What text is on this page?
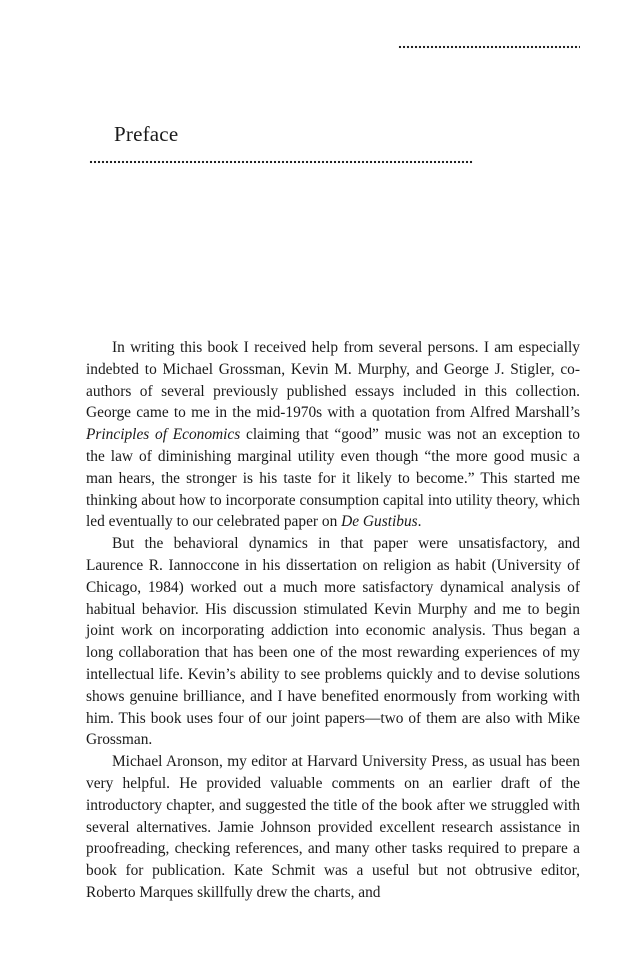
Preface

In writing this book I received help from several persons. I am especially indebted to Michael Grossman, Kevin M. Murphy, and George J. Stigler, co-authors of several previously published essays included in this collection. George came to me in the mid-1970s with a quotation from Alfred Marshall’s Principles of Economics claiming that “good” music was not an exception to the law of diminishing marginal utility even though “the more good music a man hears, the stronger is his taste for it likely to become.” This started me thinking about how to incorporate consumption capital into utility theory, which led eventually to our celebrated paper on De Gustibus.

But the behavioral dynamics in that paper were unsatisfactory, and Laurence R. Iannoccone in his dissertation on religion as habit (University of Chicago, 1984) worked out a much more satisfactory dynamical analysis of habitual behavior. His discussion stimulated Kevin Murphy and me to begin joint work on incorporating addiction into economic analysis. Thus began a long collaboration that has been one of the most rewarding experiences of my intellectual life. Kevin’s ability to see problems quickly and to devise solutions shows genuine brilliance, and I have benefited enormously from working with him. This book uses four of our joint papers—two of them are also with Mike Grossman.

Michael Aronson, my editor at Harvard University Press, as usual has been very helpful. He provided valuable comments on an earlier draft of the introductory chapter, and suggested the title of the book after we struggled with several alternatives. Jamie Johnson provided excellent research assistance in proofreading, checking references, and many other tasks required to prepare a book for publication. Kate Schmit was a useful but not obtrusive editor, Roberto Marques skillfully drew the charts, and
